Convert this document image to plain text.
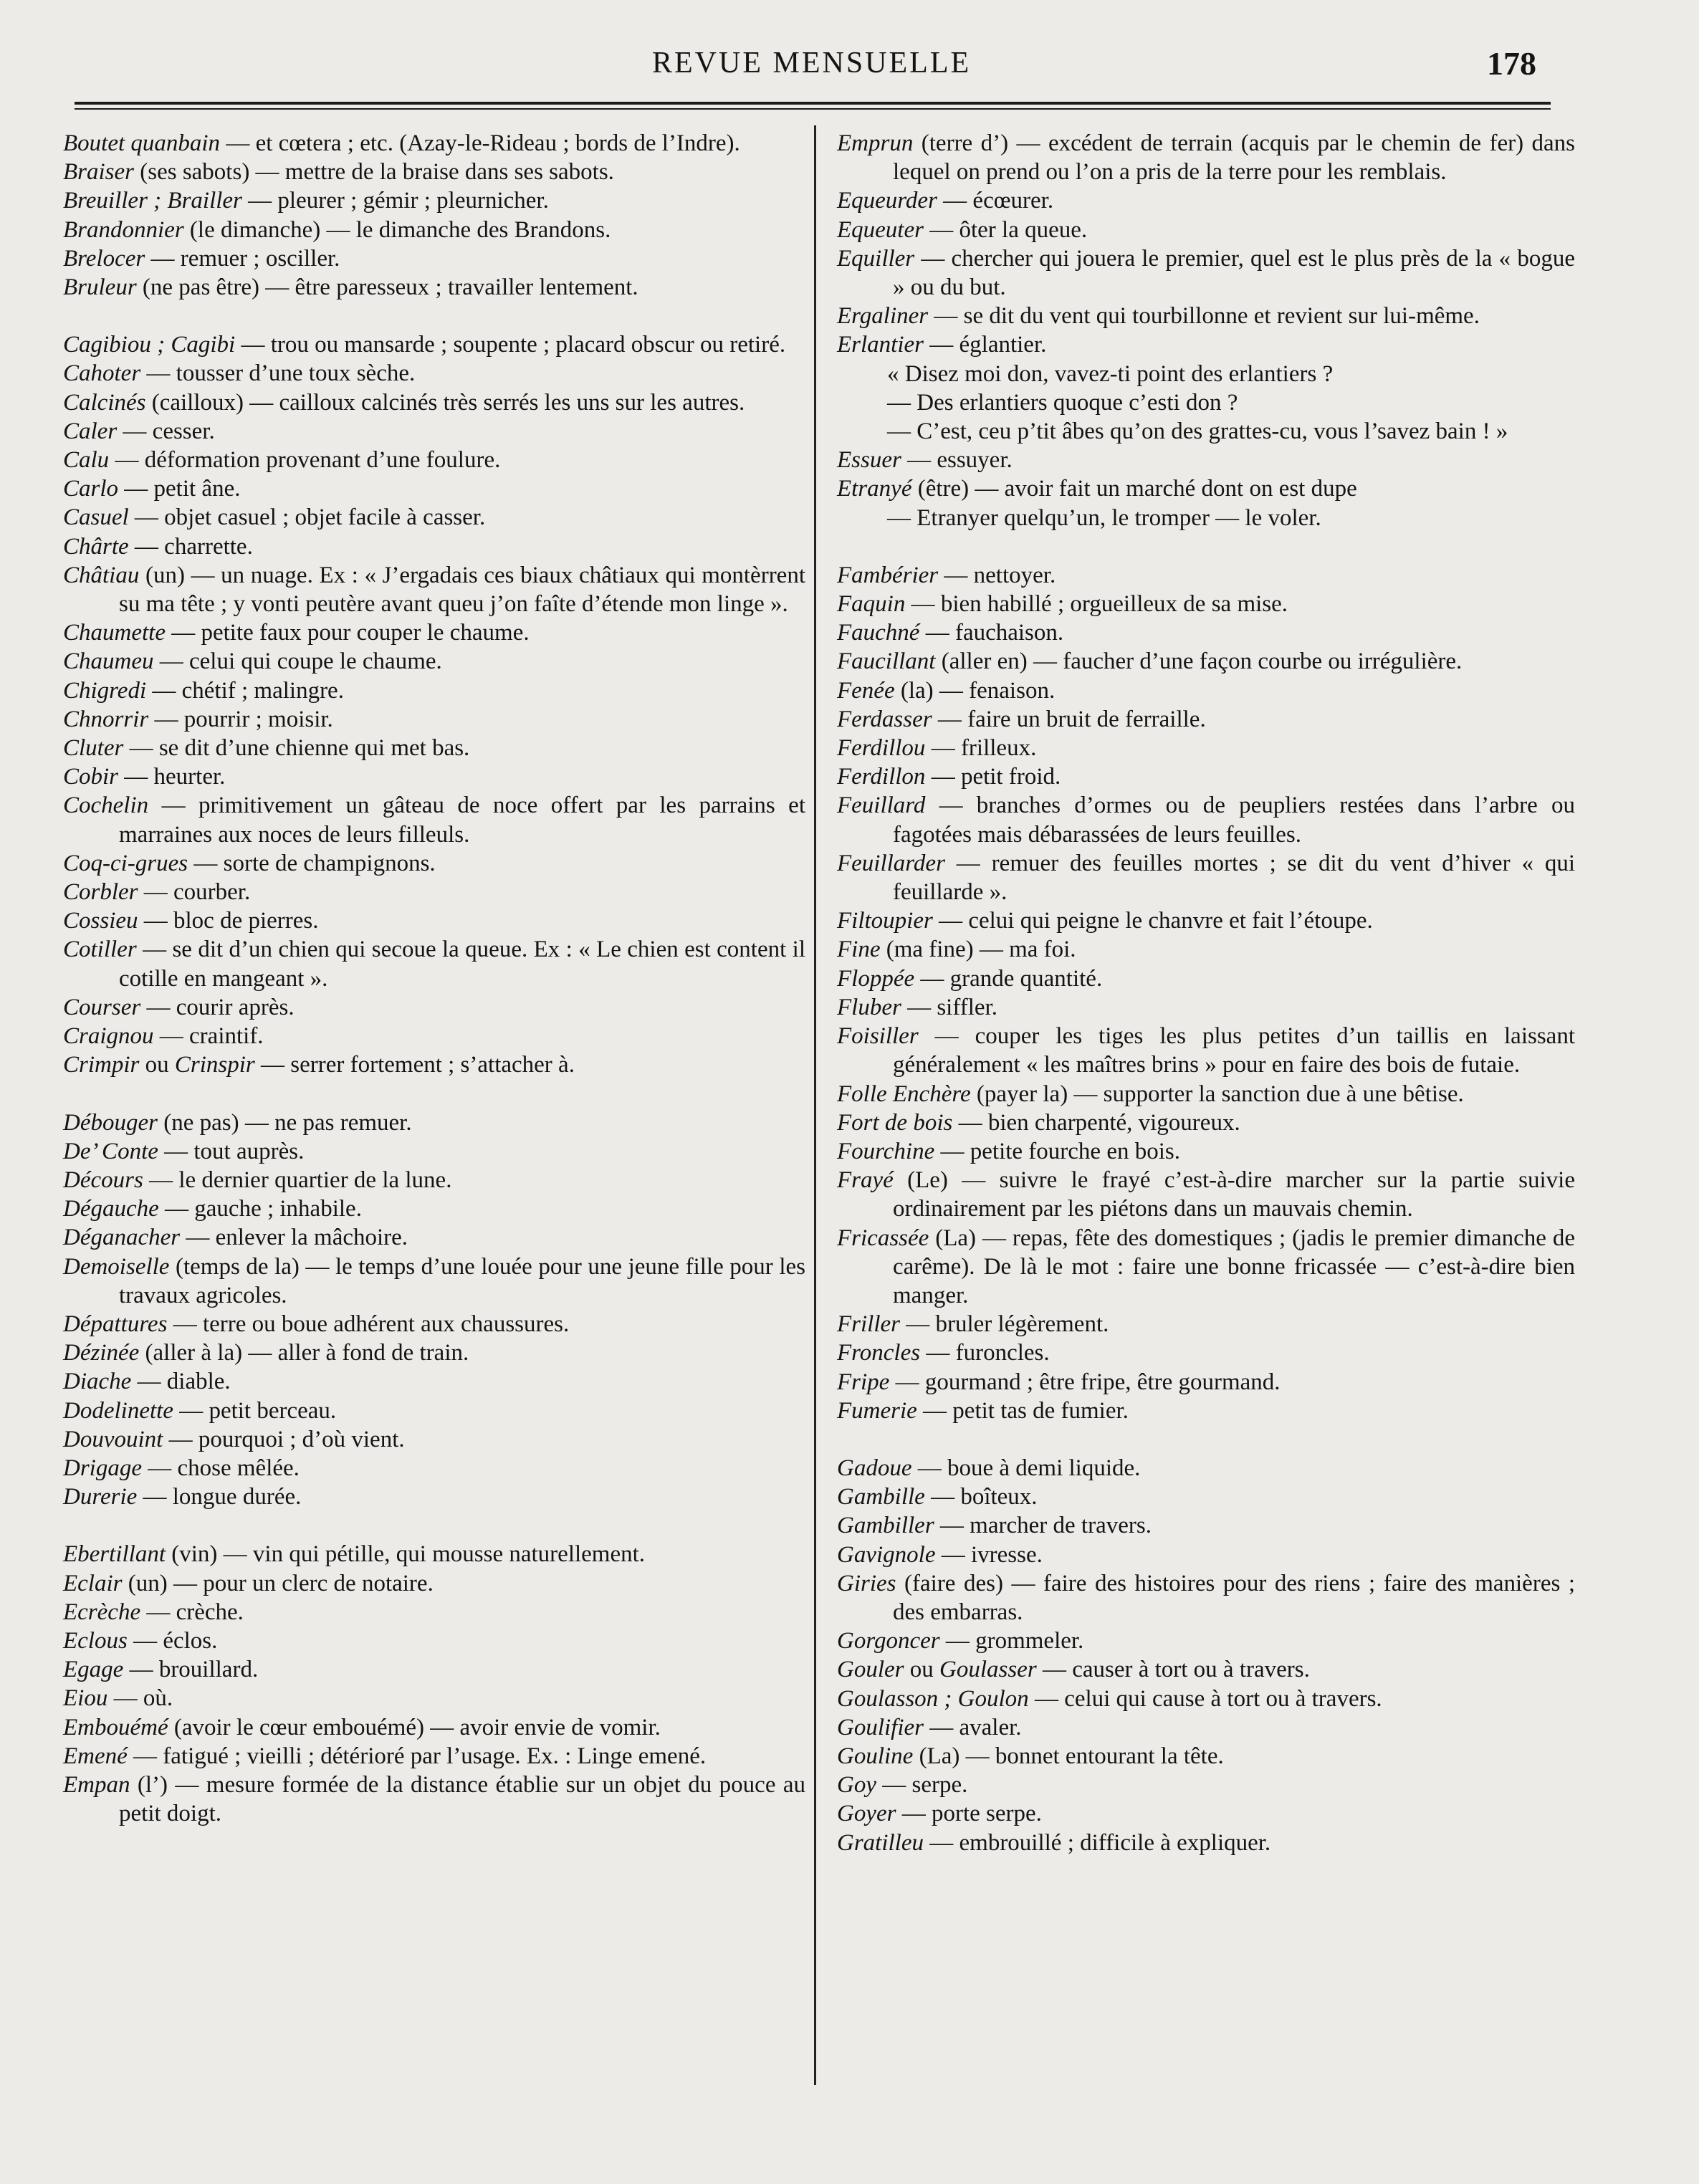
REVUE MENSUELLE	178
Boutet quanbain — et cœtera ; etc. (Azay-le-Rideau ; bords de l’Indre).
Braiser (ses sabots) — mettre de la braise dans ses sabots.
Breuiller ; Brailler — pleurer ; gémir ; pleurnicher.
Brandonnier (le dimanche) — le dimanche des Brandons.
Brelocer — remuer ; osciller.
Bruleur (ne pas être) — être paresseux ; travailler lentement.
Cagibiou ; Cagibi — trou ou mansarde ; soupente ; placard obscur ou retiré.
Cahoter — tousser d’une toux sèche.
Calcinés (cailloux) — cailloux calcinés très serrés les uns sur les autres.
Caler — cesser.
Calu — déformation provenant d’une foulure.
Carlo — petit âne.
Casuel — objet casuel ; objet facile à casser.
Chârte — charrette.
Châtiau (un) — un nuage. Ex : « J’ergadais ces biaux châtiaux qui montèrrent su ma tête ; y vonti peutère avant queu j’on faîte d’étende mon linge ».
Chaumette — petite faux pour couper le chaume.
Chaumeu — celui qui coupe le chaume.
Chigredi — chétif ; malingre.
Chnorrir — pourrir ; moisir.
Cluter — se dit d’une chienne qui met bas.
Cobir — heurter.
Cochelin — primitivement un gâteau de noce offert par les parrains et marraines aux noces de leurs filleuls.
Coq-ci-grues — sorte de champignons.
Corbler — courber.
Cossieu — bloc de pierres.
Cotiller — se dit d’un chien qui secoue la queue. Ex : « Le chien est content il cotille en mangeant ».
Courser — courir après.
Craignou — craintif.
Crimpir ou Crinspir — serrer fortement ; s’attacher à.
Débouger (ne pas) — ne pas remuer.
De’ Conte — tout auprès.
Décours — le dernier quartier de la lune.
Dégauche — gauche ; inhabile.
Déganacher — enlever la mâchoire.
Demoiselle (temps de la) — le temps d’une louée pour une jeune fille pour les travaux agricoles.
Dépattures — terre ou boue adhérent aux chaussures.
Dézinée (aller à la) — aller à fond de train.
Diache — diable.
Dodelinette — petit berceau.
Douvouint — pourquoi ; d’où vient.
Drigage — chose mêlée.
Durerie — longue durée.
Ebertillant (vin) — vin qui pétille, qui mousse naturellement.
Eclair (un) — pour un clerc de notaire.
Ecrèche — crèche.
Eclous — éclos.
Egage — brouillard.
Eiou — où.
Embouémé (avoir le cœur embouémé) — avoir envie de vomir.
Emené — fatigué ; vieilli ; détérioré par l’usage. Ex. : Linge emené.
Empan (l’) — mesure formée de la distance établie sur un objet du pouce au petit doigt.
Emprun (terre d’) — excédent de terrain (acquis par le chemin de fer) dans lequel on prend ou l’on a pris de la terre pour les remblais.
Equeurder — écœurer.
Equeuter — ôter la queue.
Equiller — chercher qui jouera le premier, quel est le plus près de la « bogue » ou du but.
Ergaliner — se dit du vent qui tourbillonne et revient sur lui-même.
Erlantier — églantier.
« Disez moi don, vavez-ti point des erlantiers ?
— Des erlantiers quoque c’esti don ?
— C’est, ceu p’tit âbes qu’on des grattes-cu, vous l’savez bain ! »
Essuer — essuyer.
Etranyé (être) — avoir fait un marché dont on est dupe
— Etranyer quelqu’un, le tromper — le voler.
Fambérier — nettoyer.
Faquin — bien habillé ; orgueilleux de sa mise.
Fauchné — fauchaison.
Faucillant (aller en) — faucher d’une façon courbe ou irrégulière.
Fenée (la) — fenaison.
Ferdasser — faire un bruit de ferraille.
Ferdillou — frilleux.
Ferdillon — petit froid.
Feuillard — branches d’ormes ou de peupliers restées dans l’arbre ou fagotées mais débarassées de leurs feuilles.
Feuillarder — remuer des feuilles mortes ; se dit du vent d’hiver « qui feuillarde ».
Filtoupier — celui qui peigne le chanvre et fait l’étoupe.
Fine (ma fine) — ma foi.
Floppée — grande quantité.
Fluber — siffler.
Foisiller — couper les tiges les plus petites d’un taillis en laissant généralement « les maîtres brins » pour en faire des bois de futaie.
Folle Enchère (payer la) — supporter la sanction due à une bêtise.
Fort de bois — bien charpenté, vigoureux.
Fourchine — petite fourche en bois.
Frayé (Le) — suivre le frayé c’est-à-dire marcher sur la partie suivie ordinairement par les piétons dans un mauvais chemin.
Fricassée (La) — repas, fête des domestiques ; (jadis le premier dimanche de carême). De là le mot : faire une bonne fricassée — c’est-à-dire bien manger.
Friller — bruler légèrement.
Froncles — furoncles.
Fripe — gourmand ; être fripe, être gourmand.
Fumerie — petit tas de fumier.
Gadoue — boue à demi liquide.
Gambille — boîteux.
Gambiller — marcher de travers.
Gavignole — ivresse.
Giries (faire des) — faire des histoires pour des riens ; faire des manières ; des embarras.
Gorgoncer — grommeler.
Gouler ou Goulasser — causer à tort ou à travers.
Goulasson ; Goulon — celui qui cause à tort ou à travers.
Goulifier — avaler.
Gouline (La) — bonnet entourant la tête.
Goy — serpe.
Goyer — porte serpe.
Gratilleu — embrouillé ; difficile à expliquer.
